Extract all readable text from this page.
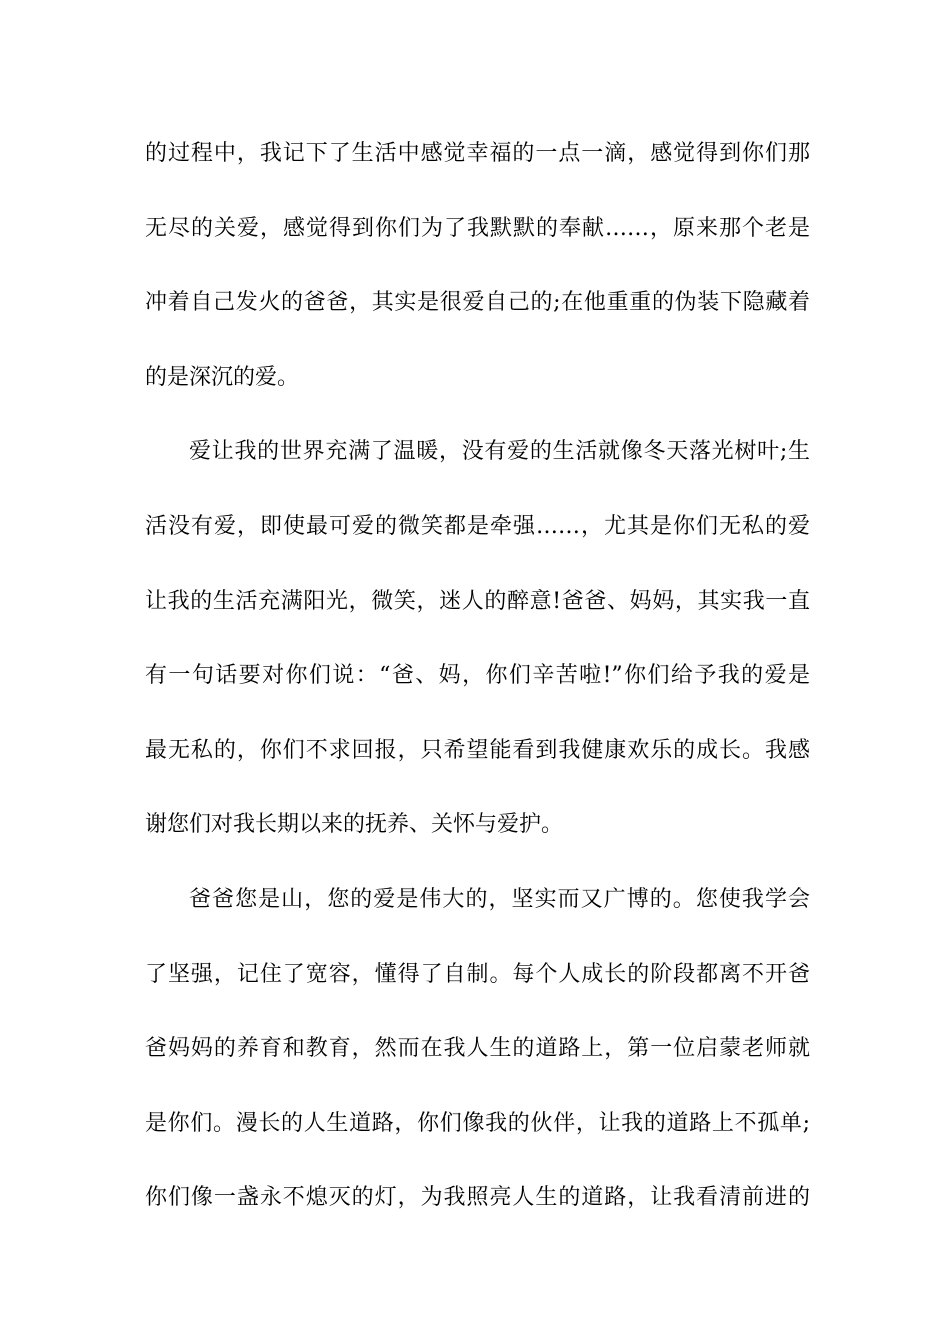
的过程中，我记下了生活中感觉幸福的一点一滴，感觉得到你们那
无尽的关爱，感觉得到你们为了我默默的奉献……，原来那个老是
冲着自己发火的爸爸，其实是很爱自己的;在他重重的伪装下隐藏着
的是深沉的爱。
爱让我的世界充满了温暖，没有爱的生活就像冬天落光树叶;生
活没有爱，即使最可爱的微笑都是牵强……，尤其是你们无私的爱
让我的生活充满阳光，微笑，迷人的醉意!爸爸、妈妈，其实我一直
有一句话要对你们说：“爸、妈，你们辛苦啦!”你们给予我的爱是
最无私的，你们不求回报，只希望能看到我健康欢乐的成长。我感
谢您们对我长期以来的抚养、关怀与爱护。
爸爸您是山，您的爱是伟大的，坚实而又广博的。您使我学会
了坚强，记住了宽容，懂得了自制。每个人成长的阶段都离不开爸
爸妈妈的养育和教育，然而在我人生的道路上，第一位启蒙老师就
是你们。漫长的人生道路，你们像我的伙伴，让我的道路上不孤单;
你们像一盏永不熄灭的灯，为我照亮人生的道路，让我看清前进的
